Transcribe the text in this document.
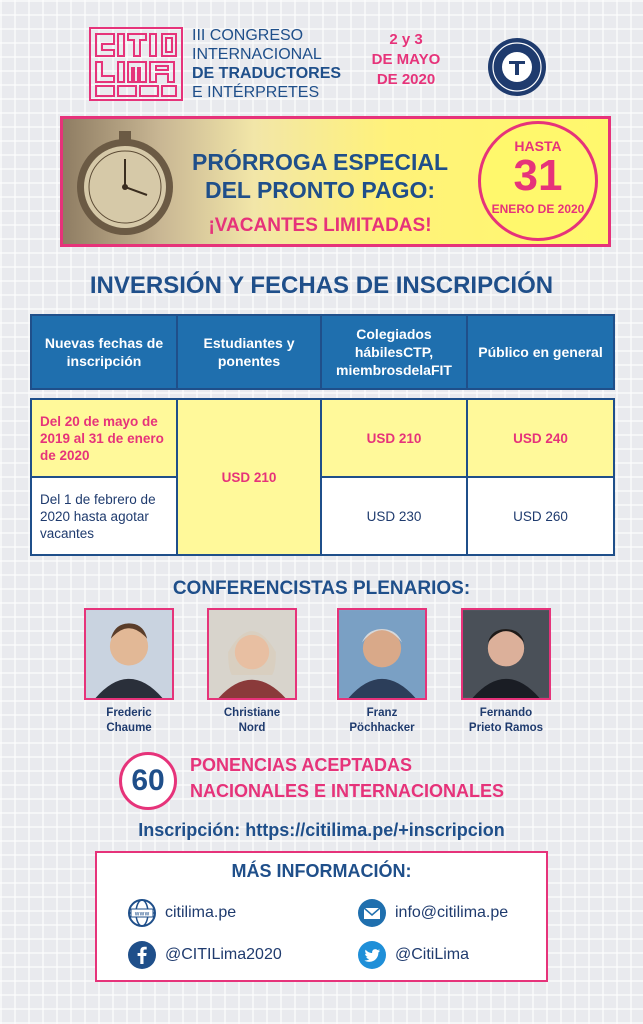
III CONGRESO
INTERNACIONAL
DE TRADUCTORES
E INTÉRPRETES
2 y 3
DE MAYO
DE 2020
PRÓRROGA ESPECIAL
DEL PRONTO PAGO:
¡VACANTES LIMITADAS!
HASTA
31
ENERO DE 2020
INVERSIÓN Y FECHAS DE INSCRIPCIÓN
Nuevas fechas de inscripción	Estudiantes y ponentes	Colegiados hábilesCTP, miembrosdelaFIT	Público en general

Del 20 de mayo de 2019 al 31 de enero de 2020	USD 210	USD 210	USD 240
Del 1 de febrero de 2020 hasta agotar vacantes		USD 230	USD 260
CONFERENCISTAS PLENARIOS:
Frederic
Chaume
Christiane
Nord
Franz
Pöchhacker
Fernando
Prieto Ramos
60	PONENCIAS ACEPTADAS
NACIONALES E INTERNACIONALES
Inscripción: https://citilima.pe/+inscripcion
MÁS INFORMACIÓN:
www citilima.pe	info@citilima.pe
@CITILima2020	@CitiLima
